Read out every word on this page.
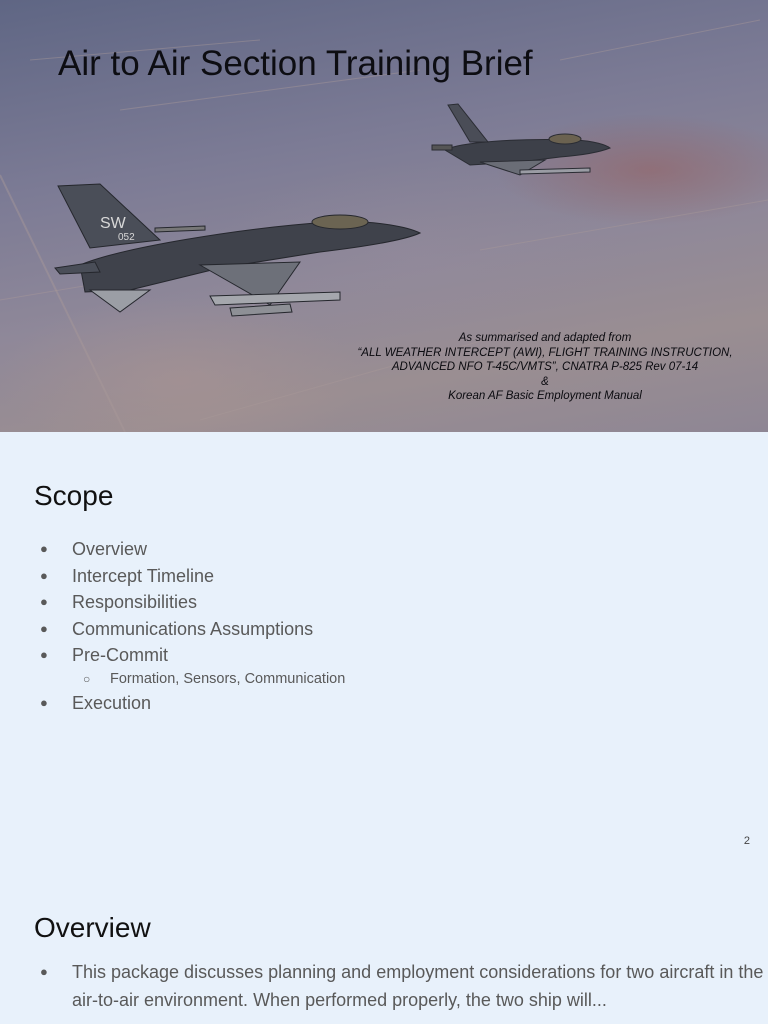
SW
052
Air to Air Section Training Brief
As summarised and adapted from
“ALL WEATHER INTERCEPT (AWI), FLIGHT TRAINING INSTRUCTION,
ADVANCED NFO T-45C/VMTS”, CNATRA P-825 Rev 07-14
&
Korean AF Basic Employment Manual
Scope
● Overview
● Intercept Timeline
● Responsibilities
● Communications Assumptions
● Pre-Commit
○ Formation, Sensors, Communication
● Execution
2
Overview
● This package discusses planning and employment considerations for two aircraft in the air-to-air environment. When performed properly, the two ship will...
